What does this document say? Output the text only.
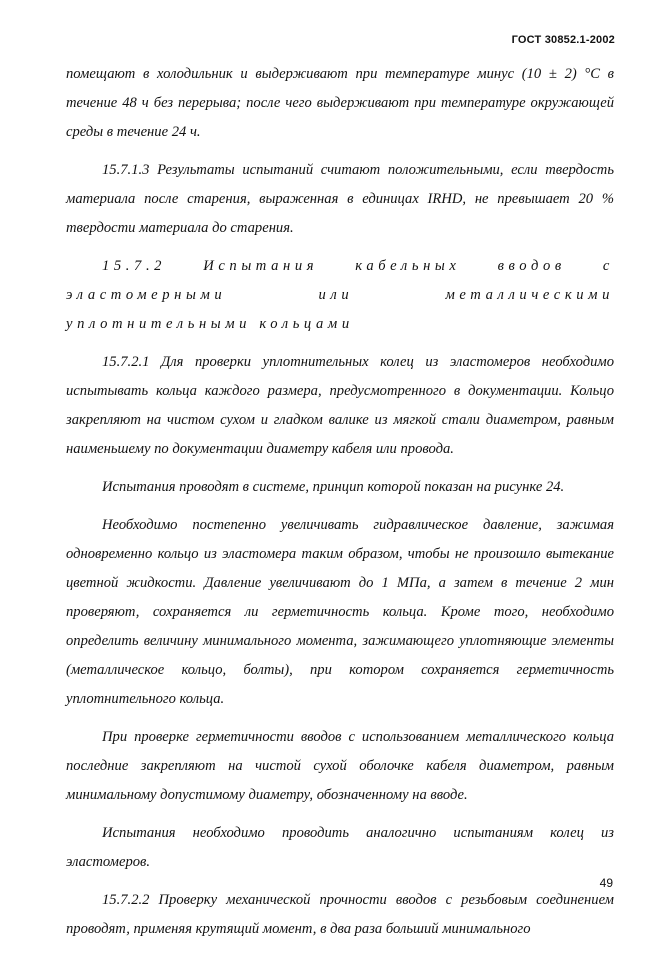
ГОСТ 30852.1-2002

помещают в холодильник и выдерживают при температуре минус (10 ± 2) °С в течение 48 ч без перерыва; после чего выдерживают при температуре окружающей среды в течение 24 ч.

15.7.1.3 Результаты испытаний считают положительными, если твердость материала после старения, выраженная в единицах IRHD, не превышает 20 % твердости материала до старения.

15.7.2 Испытания кабельных вводов с эластомерными или металлическими уплотнительными кольцами

15.7.2.1 Для проверки уплотнительных колец из эластомеров необходимо испытывать кольца каждого размера, предусмотренного в документации. Кольцо закрепляют на чистом сухом и гладком валике из мягкой стали диаметром, равным наименьшему по документации диаметру кабеля или провода.

Испытания проводят в системе, принцип которой показан на рисунке 24.

Необходимо постепенно увеличивать гидравлическое давление, зажимая одновременно кольцо из эластомера таким образом, чтобы не произошло вытекание цветной жидкости. Давление увеличивают до 1 МПа, а затем в течение 2 мин проверяют, сохраняется ли герметичность кольца. Кроме того, необходимо определить величину минимального момента, зажимающего уплотняющие элементы (металлическое кольцо, болты), при котором сохраняется герметичность уплотнительного кольца.

При проверке герметичности вводов с использованием металлического кольца последние закрепляют на чистой сухой оболочке кабеля диаметром, равным минимальному допустимому диаметру, обозначенному на вводе.

Испытания необходимо проводить аналогично испытаниям колец из эластомеров.

15.7.2.2 Проверку механической прочности вводов с резьбовым соединением проводят, применяя крутящий момент, в два раза больший минимального

49
